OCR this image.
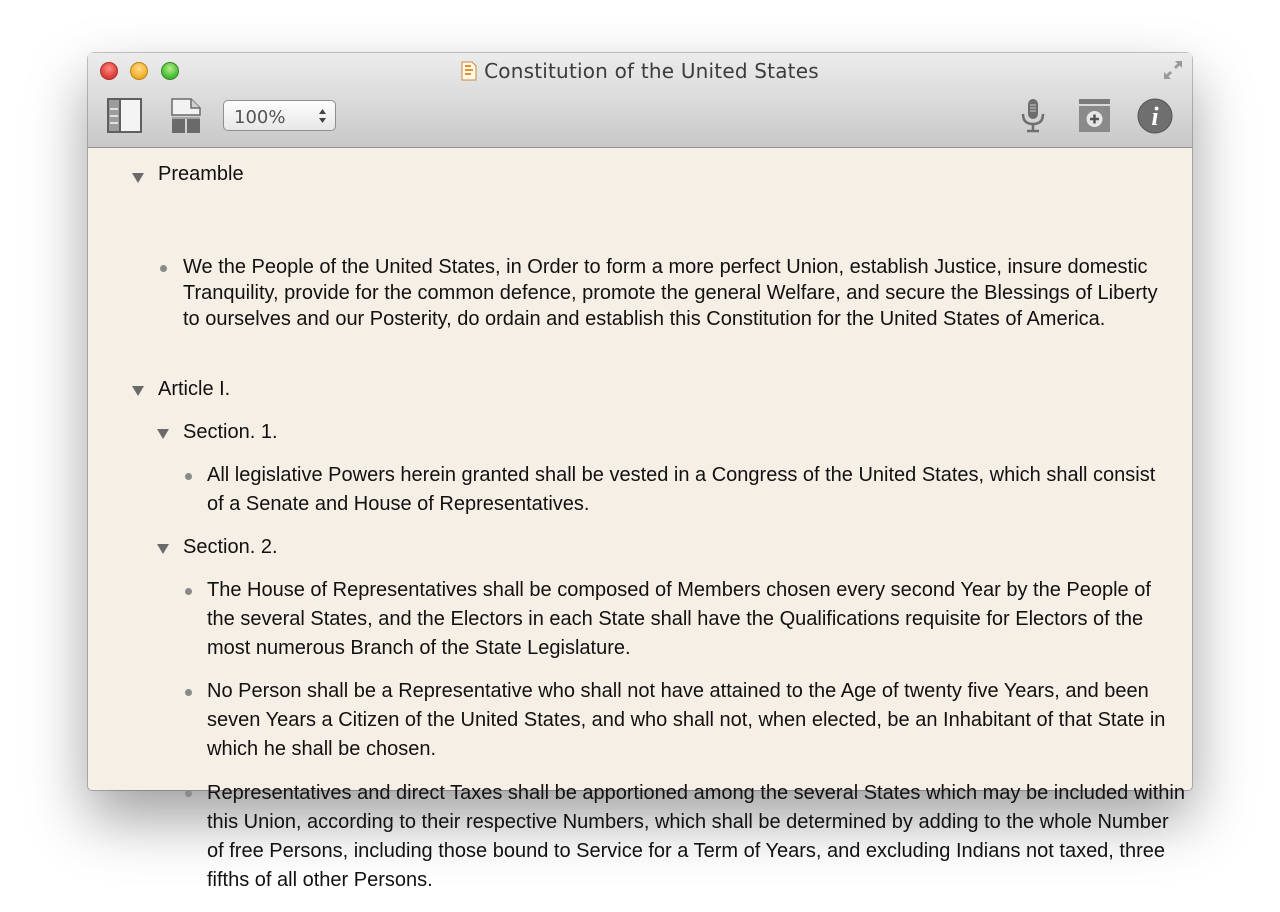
Constitution of the United States
100%	i
Preamble
We the People of the United States, in Order to form a more perfect Union, establish Justice, insure domestic Tranquility, provide for the common defence, promote the general Welfare, and secure the Blessings of Liberty to ourselves and our Posterity, do ordain and establish this Constitution for the United States of America.
Article I.
Section. 1.
All legislative Powers herein granted shall be vested in a Congress of the United States, which shall consist of a Senate and House of Representatives.
Section. 2.
The House of Representatives shall be composed of Members chosen every second Year by the People of the several States, and the Electors in each State shall have the Qualifications requisite for Electors of the most numerous Branch of the State Legislature.
No Person shall be a Representative who shall not have attained to the Age of twenty five Years, and been seven Years a Citizen of the United States, and who shall not, when elected, be an Inhabitant of that State in which he shall be chosen.
Representatives and direct Taxes shall be apportioned among the several States which may be included within this Union, according to their respective Numbers, which shall be determined by adding to the whole Number of free Persons, including those bound to Service for a Term of Years, and excluding Indians not taxed, three fifths of all other Persons.
